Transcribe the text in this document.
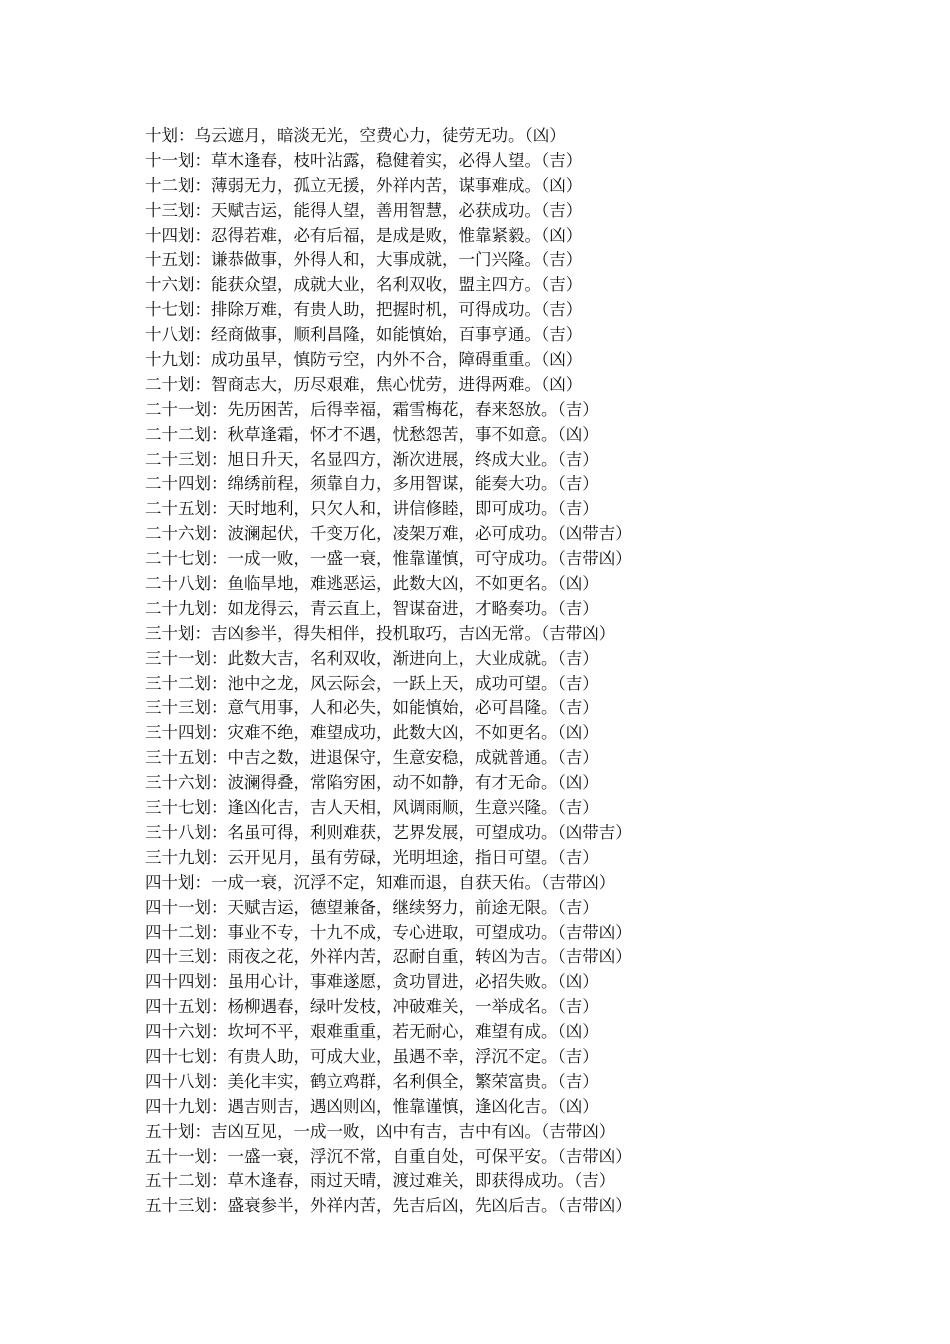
十划：乌云遮月，暗淡无光，空费心力，徒劳无功。（凶）
十一划：草木逢春，枝叶沾露，稳健着实，必得人望。（吉）
十二划：薄弱无力，孤立无援，外祥内苦，谋事难成。（凶）
十三划：天赋吉运，能得人望，善用智慧，必获成功。（吉）
十四划：忍得若难，必有后福，是成是败，惟靠紧毅。（凶）
十五划：谦恭做事，外得人和，大事成就，一门兴隆。（吉）
十六划：能获众望，成就大业，名利双收，盟主四方。（吉）
十七划：排除万难，有贵人助，把握时机，可得成功。（吉）
十八划：经商做事，顺利昌隆，如能慎始，百事亨通。（吉）
十九划：成功虽早，慎防亏空，内外不合，障碍重重。（凶）
二十划：智商志大，历尽艰难，焦心忧劳，进得两难。（凶）
二十一划：先历困苦，后得幸福，霜雪梅花，春来怒放。（吉）
二十二划：秋草逢霜，怀才不遇，忧愁怨苦，事不如意。（凶）
二十三划：旭日升天，名显四方，渐次进展，终成大业。（吉）
二十四划：绵绣前程，须靠自力，多用智谋，能奏大功。（吉）
二十五划：天时地利，只欠人和，讲信修睦，即可成功。（吉）
二十六划：波澜起伏，千变万化，凌架万难，必可成功。（凶带吉）
二十七划：一成一败，一盛一衰，惟靠谨慎，可守成功。（吉带凶）
二十八划：鱼临旱地，难逃恶运，此数大凶，不如更名。（凶）
二十九划：如龙得云，青云直上，智谋奋进，才略奏功。（吉）
三十划：吉凶参半，得失相伴，投机取巧，吉凶无常。（吉带凶）
三十一划：此数大吉，名利双收，渐进向上，大业成就。（吉）
三十二划：池中之龙，风云际会，一跃上天，成功可望。（吉）
三十三划：意气用事，人和必失，如能慎始，必可昌隆。（吉）
三十四划：灾难不绝，难望成功，此数大凶，不如更名。（凶）
三十五划：中吉之数，进退保守，生意安稳，成就普通。（吉）
三十六划：波澜得叠，常陷穷困，动不如静，有才无命。（凶）
三十七划：逢凶化吉，吉人天相，风调雨顺，生意兴隆。（吉）
三十八划：名虽可得，利则难获，艺界发展，可望成功。（凶带吉）
三十九划：云开见月，虽有劳碌，光明坦途，指日可望。（吉）
四十划：一成一衰，沉浮不定，知难而退，自获天佑。（吉带凶）
四十一划：天赋吉运，德望兼备，继续努力，前途无限。（吉）
四十二划：事业不专，十九不成，专心进取，可望成功。（吉带凶）
四十三划：雨夜之花，外祥内苦，忍耐自重，转凶为吉。（吉带凶）
四十四划：虽用心计，事难遂愿，贪功冒进，必招失败。（凶）
四十五划：杨柳遇春，绿叶发枝，冲破难关，一举成名。（吉）
四十六划：坎坷不平，艰难重重，若无耐心，难望有成。（凶）
四十七划：有贵人助，可成大业，虽遇不幸，浮沉不定。（吉）
四十八划：美化丰实，鹤立鸡群，名利俱全，繁荣富贵。（吉）
四十九划：遇吉则吉，遇凶则凶，惟靠谨慎，逢凶化吉。（凶）
五十划：吉凶互见，一成一败，凶中有吉，吉中有凶。（吉带凶）
五十一划：一盛一衰，浮沉不常，自重自处，可保平安。（吉带凶）
五十二划：草木逢春，雨过天晴，渡过难关，即获得成功。（吉）
五十三划：盛衰参半，外祥内苦，先吉后凶，先凶后吉。（吉带凶）
